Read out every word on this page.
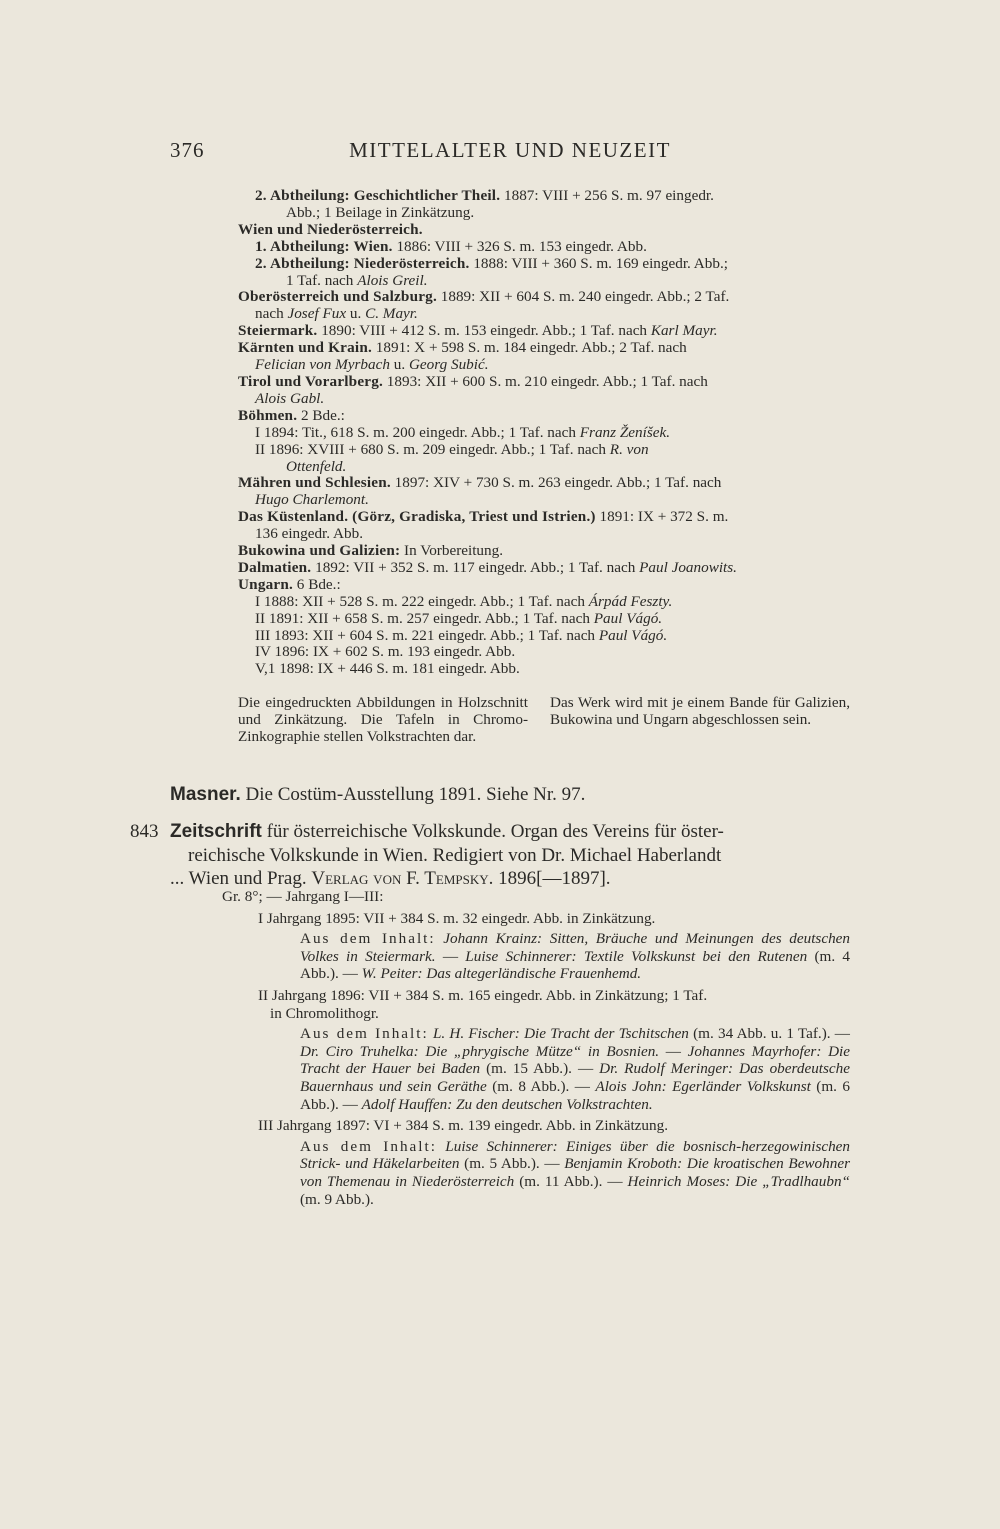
376	MITTELALTER UND NEUZEIT
2. Abtheilung: Geschichtlicher Theil. 1887: VIII + 256 S. m. 97 eingedr.
Abb.; 1 Beilage in Zinkätzung.
Wien und Niederösterreich.
1. Abtheilung: Wien. 1886: VIII + 326 S. m. 153 eingedr. Abb.
2. Abtheilung: Niederösterreich. 1888: VIII + 360 S. m. 169 eingedr. Abb.;
1 Taf. nach Alois Greil.
Oberösterreich und Salzburg. 1889: XII + 604 S. m. 240 eingedr. Abb.; 2 Taf.
nach Josef Fux u. C. Mayr.
Steiermark. 1890: VIII + 412 S. m. 153 eingedr. Abb.; 1 Taf. nach Karl Mayr.
Kärnten und Krain. 1891: X + 598 S. m. 184 eingedr. Abb.; 2 Taf. nach
Felician von Myrbach u. Georg Subić.
Tirol und Vorarlberg. 1893: XII + 600 S. m. 210 eingedr. Abb.; 1 Taf. nach
Alois Gabl.
Böhmen. 2 Bde.:
I 1894: Tit., 618 S. m. 200 eingedr. Abb.; 1 Taf. nach Franz Ženíšek.
II 1896: XVIII + 680 S. m. 209 eingedr. Abb.; 1 Taf. nach R. von
Ottenfeld.
Mähren und Schlesien. 1897: XIV + 730 S. m. 263 eingedr. Abb.; 1 Taf. nach
Hugo Charlemont.
Das Küstenland. (Görz, Gradiska, Triest und Istrien.) 1891: IX + 372 S. m.
136 eingedr. Abb.
Bukowina und Galizien: In Vorbereitung.
Dalmatien. 1892: VII + 352 S. m. 117 eingedr. Abb.; 1 Taf. nach Paul Joanowits.
Ungarn. 6 Bde.:
I 1888: XII + 528 S. m. 222 eingedr. Abb.; 1 Taf. nach Árpád Feszty.
II 1891: XII + 658 S. m. 257 eingedr. Abb.; 1 Taf. nach Paul Vágó.
III 1893: XII + 604 S. m. 221 eingedr. Abb.; 1 Taf. nach Paul Vágó.
IV 1896: IX + 602 S. m. 193 eingedr. Abb.
V,1 1898: IX + 446 S. m. 181 eingedr. Abb.
Die eingedruckten Abbildungen in Holzschnitt und Zinkätzung. Die Tafeln in Chromo-Zinkographie stellen Volkstrachten dar.
Das Werk wird mit je einem Bande für Galizien, Bukowina und Ungarn abgeschlossen sein.
Masner. Die Costüm-Ausstellung 1891. Siehe Nr. 97.
843 Zeitschrift für österreichische Volkskunde. Organ des Vereins für öster-
reichische Volkskunde in Wien. Redigiert von Dr. Michael Haberlandt
... Wien und Prag. Verlag von F. Tempsky. 1896[—1897].
Gr. 8°; — Jahrgang I—III:
I Jahrgang 1895: VII + 384 S. m. 32 eingedr. Abb. in Zinkätzung.
Aus dem Inhalt: Johann Krainz: Sitten, Bräuche und Meinungen des deutschen Volkes in Steiermark. — Luise Schinnerer: Textile Volkskunst bei den Rutenen (m. 4 Abb.). — W. Peiter: Das altegerländische Frauenhemd.
II Jahrgang 1896: VII + 384 S. m. 165 eingedr. Abb. in Zinkätzung; 1 Taf.
in Chromolithogr.
Aus dem Inhalt: L. H. Fischer: Die Tracht der Tschitschen (m. 34 Abb. u. 1 Taf.). — Dr. Ciro Truhelka: Die „phrygische Mütze“ in Bosnien. — Johannes Mayrhofer: Die Tracht der Hauer bei Baden (m. 15 Abb.). — Dr. Rudolf Meringer: Das oberdeutsche Bauernhaus und sein Geräthe (m. 8 Abb.). — Alois John: Egerländer Volkskunst (m. 6 Abb.). — Adolf Hauffen: Zu den deutschen Volkstrachten.
III Jahrgang 1897: VI + 384 S. m. 139 eingedr. Abb. in Zinkätzung.
Aus dem Inhalt: Luise Schinnerer: Einiges über die bosnisch-herzegowinischen Strick- und Häkelarbeiten (m. 5 Abb.). — Benjamin Kroboth: Die kroatischen Bewohner von Themenau in Niederösterreich (m. 11 Abb.). — Heinrich Moses: Die „Tradlhaubn“ (m. 9 Abb.).
